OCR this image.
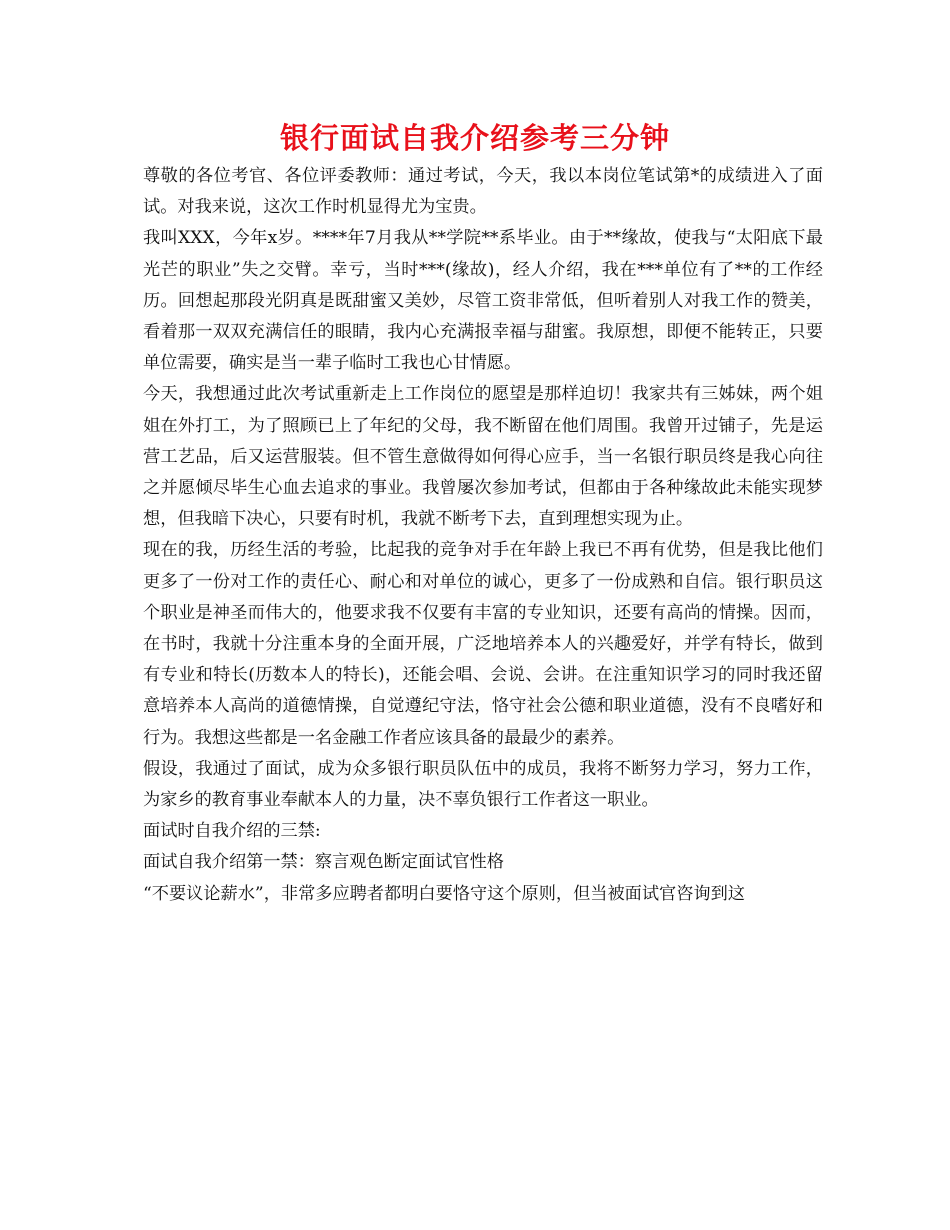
银行面试自我介绍参考三分钟

尊敬的各位考官、各位评委教师：通过考试，今天，我以本岗位笔试第*的成绩进入了面试。对我来说，这次工作时机显得尤为宝贵。

我叫XXX，今年x岁。****年7月我从**学院**系毕业。由于**缘故，使我与“太阳底下最光芒的职业”失之交臂。幸亏，当时***(缘故)，经人介绍，我在***单位有了**的工作经历。回想起那段光阴真是既甜蜜又美妙，尽管工资非常低，但听着别人对我工作的赞美，看着那一双双充满信任的眼睛，我内心充满报幸福与甜蜜。我原想，即便不能转正，只要单位需要，确实是当一辈子临时工我也心甘情愿。

今天，我想通过此次考试重新走上工作岗位的愿望是那样迫切！我家共有三姊妹，两个姐姐在外打工，为了照顾已上了年纪的父母，我不断留在他们周围。我曾开过铺子，先是运营工艺品，后又运营服装。但不管生意做得如何得心应手，当一名银行职员终是我心向往之并愿倾尽毕生心血去追求的事业。我曾屡次参加考试，但都由于各种缘故此未能实现梦想，但我暗下决心，只要有时机，我就不断考下去，直到理想实现为止。

现在的我，历经生活的考验，比起我的竞争对手在年龄上我已不再有优势，但是我比他们更多了一份对工作的责任心、耐心和对单位的诚心，更多了一份成熟和自信。银行职员这个职业是神圣而伟大的，他要求我不仅要有丰富的专业知识，还要有高尚的情操。因而，在书时，我就十分注重本身的全面开展，广泛地培养本人的兴趣爱好，并学有特长，做到有专业和特长(历数本人的特长)，还能会唱、会说、会讲。在注重知识学习的同时我还留意培养本人高尚的道德情操，自觉遵纪守法，恪守社会公德和职业道德，没有不良嗜好和行为。我想这些都是一名金融工作者应该具备的最最少的素养。

假设，我通过了面试，成为众多银行职员队伍中的成员，我将不断努力学习，努力工作，为家乡的教育事业奉献本人的力量，决不辜负银行工作者这一职业。

面试时自我介绍的三禁:

面试自我介绍第一禁：察言观色断定面试官性格

“不要议论薪水”，非常多应聘者都明白要恪守这个原则，但当被面试官咨询到这
